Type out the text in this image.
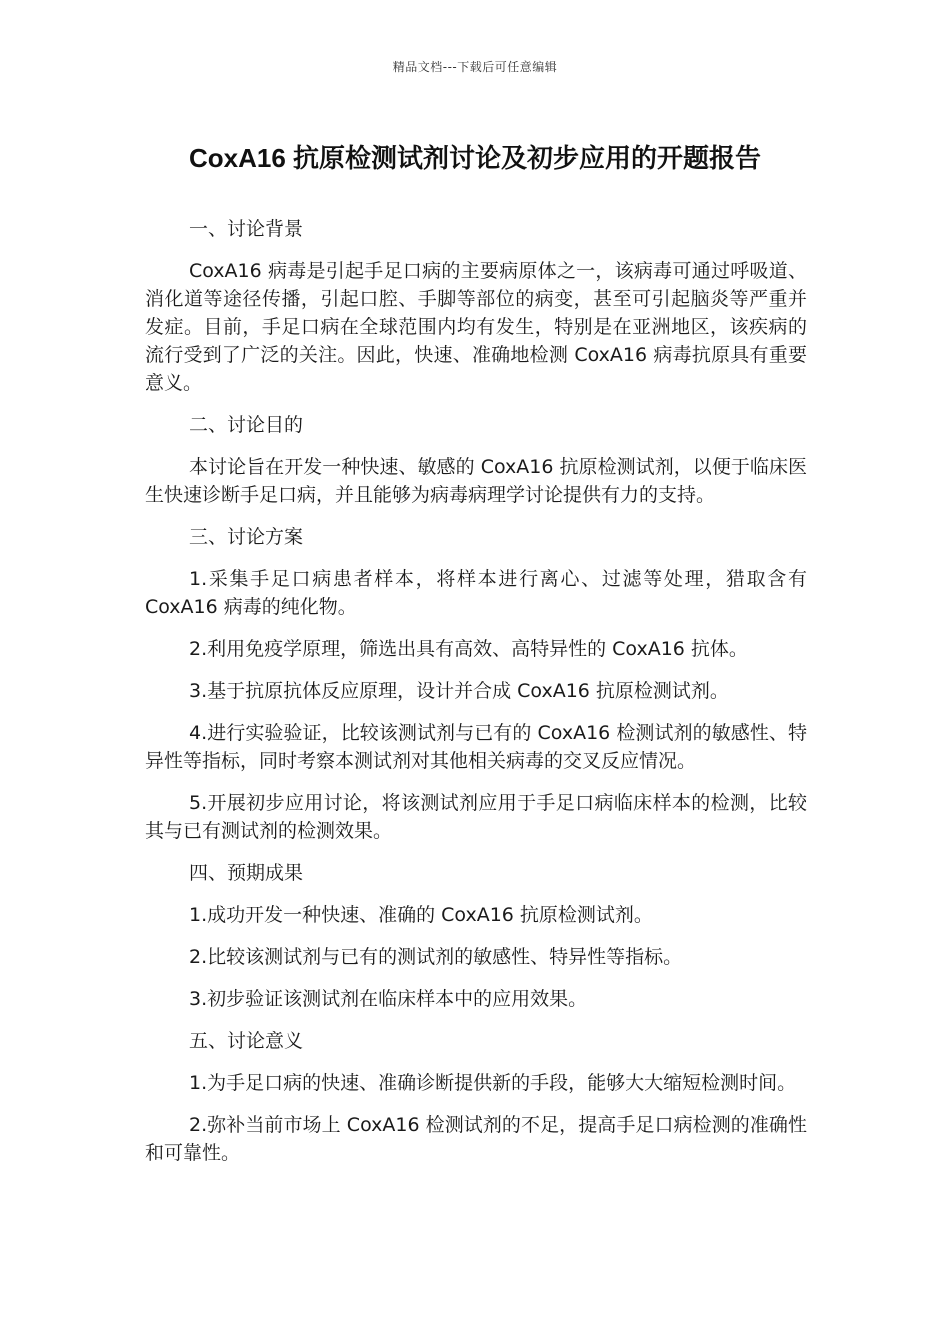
精品文档---下载后可任意编辑
CoxA16 抗原检测试剂讨论及初步应用的开题报告

一、讨论背景

CoxA16 病毒是引起手足口病的主要病原体之一，该病毒可通过呼吸道、消化道等途径传播，引起口腔、手脚等部位的病变，甚至可引起脑炎等严重并发症。目前，手足口病在全球范围内均有发生，特别是在亚洲地区，该疾病的流行受到了广泛的关注。因此，快速、准确地检测 CoxA16 病毒抗原具有重要意义。

二、讨论目的

本讨论旨在开发一种快速、敏感的 CoxA16 抗原检测试剂，以便于临床医生快速诊断手足口病，并且能够为病毒病理学讨论提供有力的支持。

三、讨论方案

1.采集手足口病患者样本，将样本进行离心、过滤等处理，猎取含有 CoxA16 病毒的纯化物。

2.利用免疫学原理，筛选出具有高效、高特异性的 CoxA16 抗体。

3.基于抗原抗体反应原理，设计并合成 CoxA16 抗原检测试剂。

4.进行实验验证，比较该测试剂与已有的 CoxA16 检测试剂的敏感性、特异性等指标，同时考察本测试剂对其他相关病毒的交叉反应情况。

5.开展初步应用讨论，将该测试剂应用于手足口病临床样本的检测，比较其与已有测试剂的检测效果。

四、预期成果

1.成功开发一种快速、准确的 CoxA16 抗原检测试剂。

2.比较该测试剂与已有的测试剂的敏感性、特异性等指标。

3.初步验证该测试剂在临床样本中的应用效果。

五、讨论意义

1.为手足口病的快速、准确诊断提供新的手段，能够大大缩短检测时间。

2.弥补当前市场上 CoxA16 检测试剂的不足，提高手足口病检测的准确性和可靠性。
